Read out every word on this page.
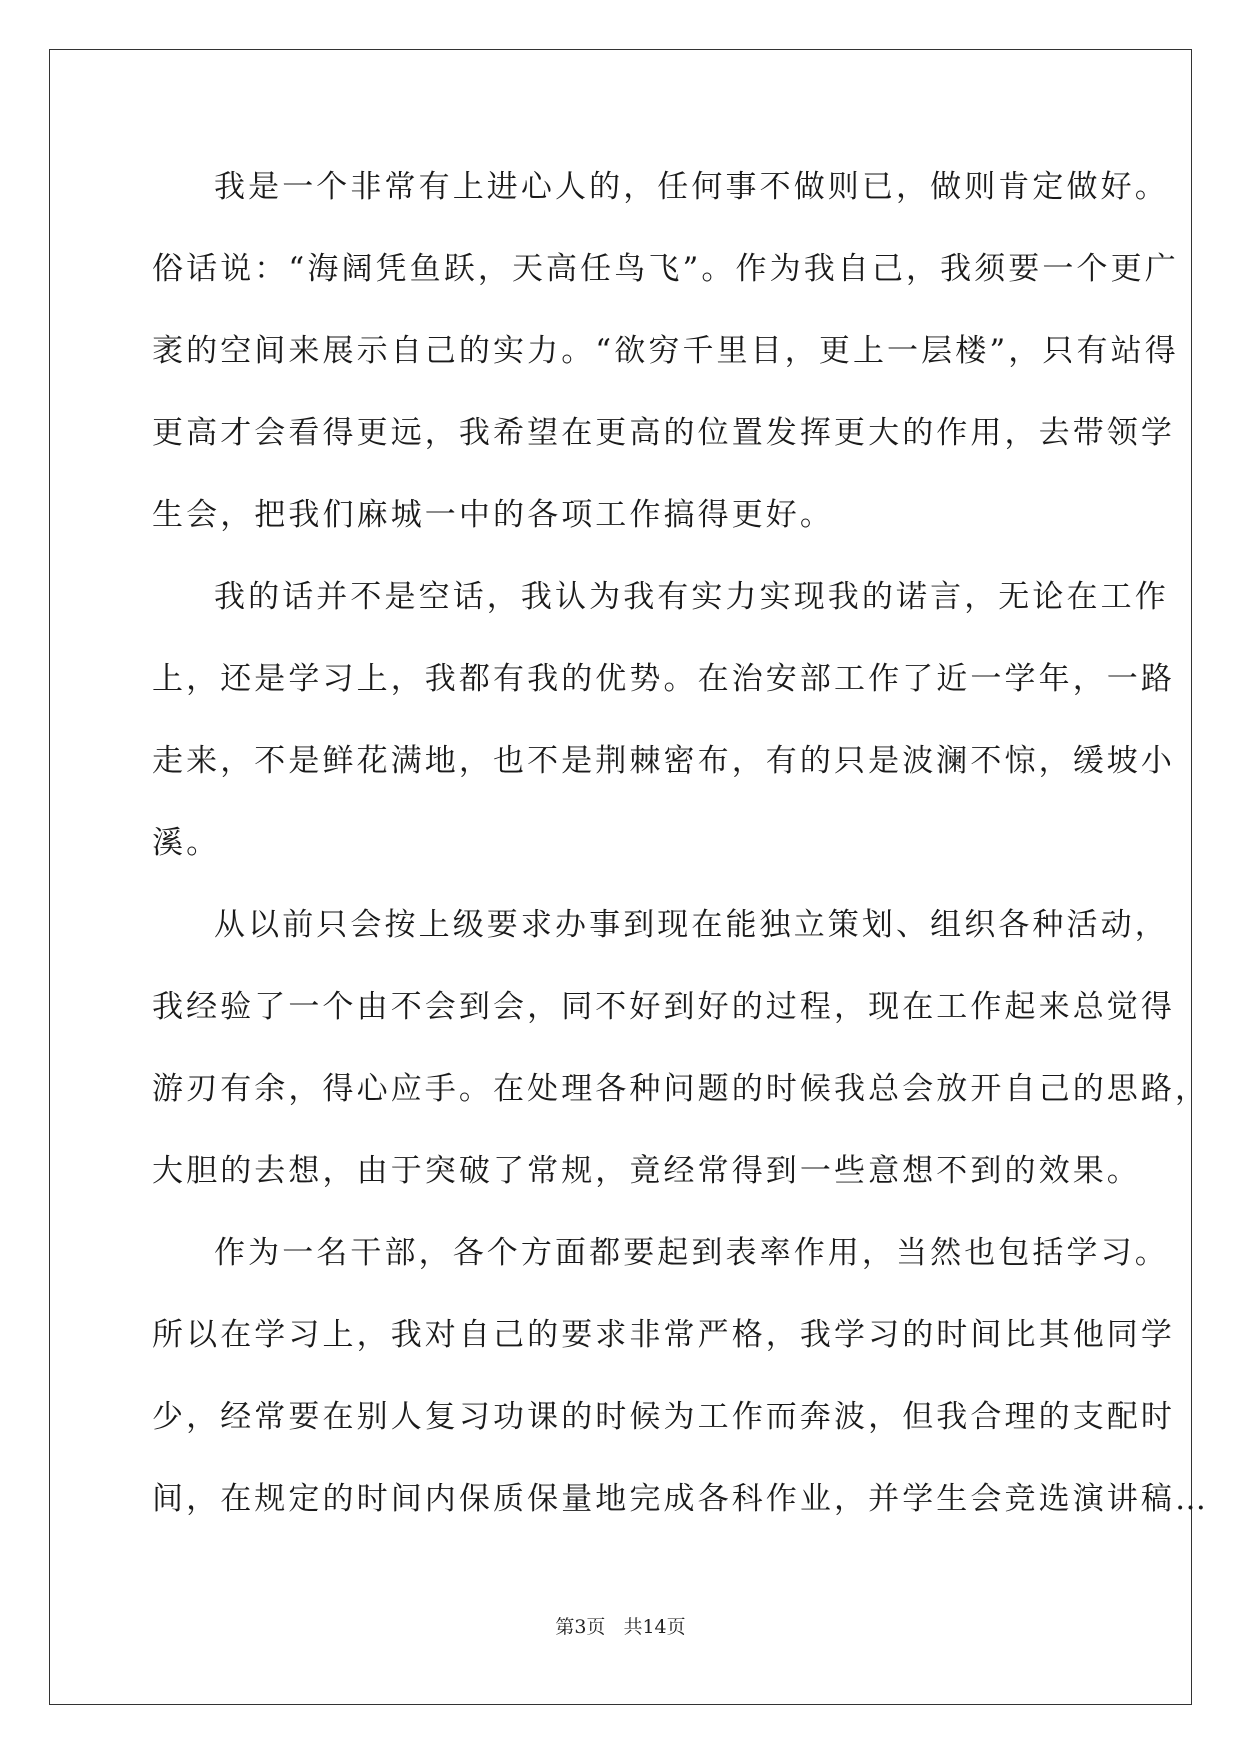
我是一个非常有上进心人的，任何事不做则已，做则肯定做好。
俗话说：“海阔凭鱼跃，天高任鸟飞”。作为我自己，我须要一个更广
袤的空间来展示自己的实力。“欲穷千里目，更上一层楼”，只有站得
更高才会看得更远，我希望在更高的位置发挥更大的作用，去带领学
生会，把我们麻城一中的各项工作搞得更好。
我的话并不是空话，我认为我有实力实现我的诺言，无论在工作
上，还是学习上，我都有我的优势。在治安部工作了近一学年，一路
走来，不是鲜花满地，也不是荆棘密布，有的只是波澜不惊，缓坡小
溪。
从以前只会按上级要求办事到现在能独立策划、组织各种活动，
我经验了一个由不会到会，同不好到好的过程，现在工作起来总觉得
游刃有余，得心应手。在处理各种问题的时候我总会放开自己的思路，
大胆的去想，由于突破了常规，竟经常得到一些意想不到的效果。
作为一名干部，各个方面都要起到表率作用，当然也包括学习。
所以在学习上，我对自己的要求非常严格，我学习的时间比其他同学
少，经常要在别人复习功课的时候为工作而奔波，但我合理的支配时
间，在规定的时间内保质保量地完成各科作业，并学生会竞选演讲稿…
第3页 共14页
